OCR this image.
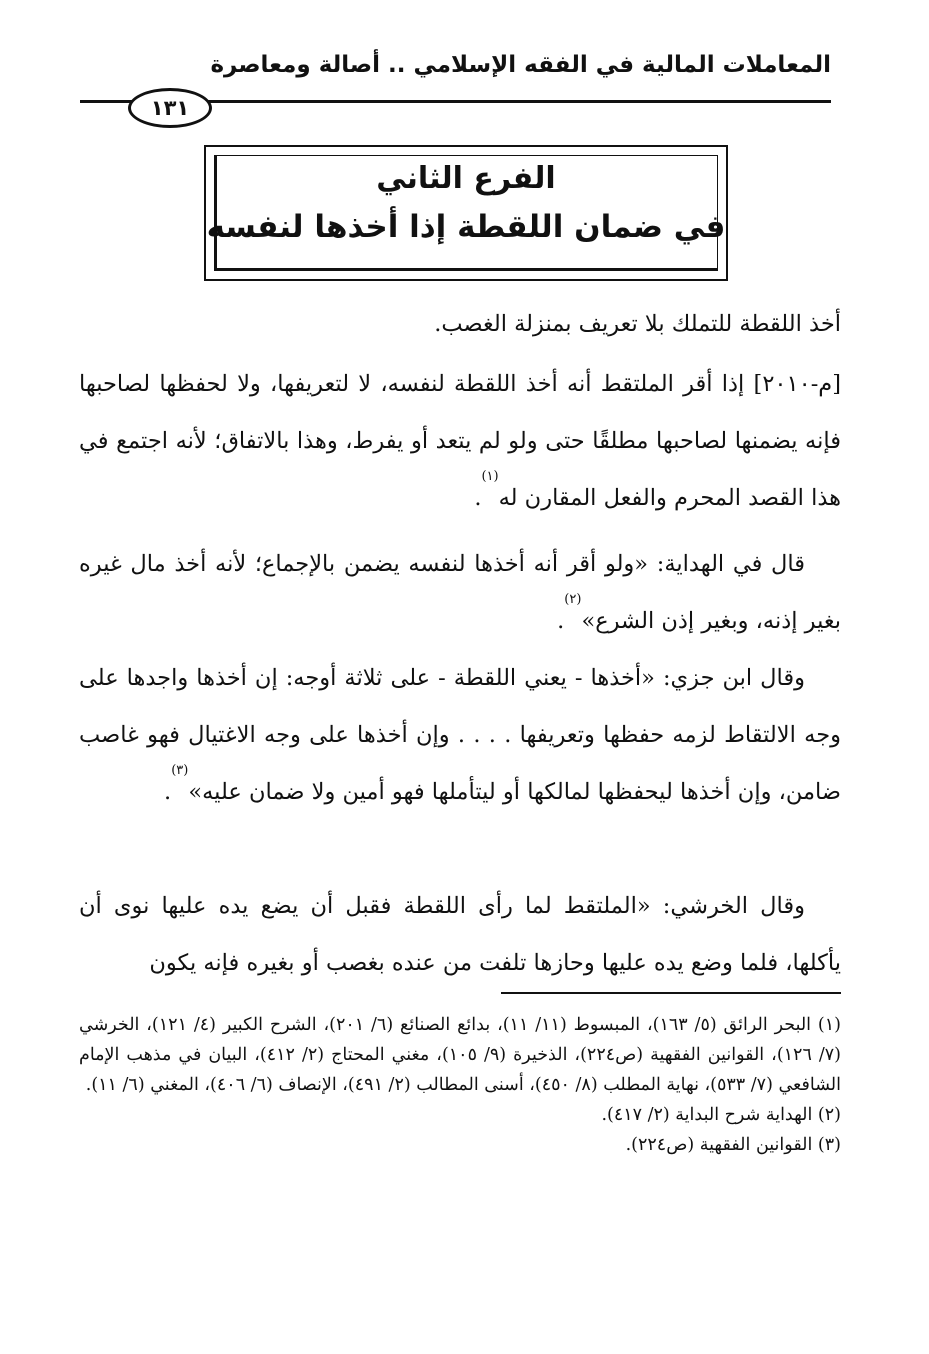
المعاملات المالية في الفقه الإسلامي .. أصالة ومعاصرة
١٣١
الفرع الثاني
في ضمان اللقطة إذا أخذها لنفسه
أخذ اللقطة للتملك بلا تعريف بمنزلة الغصب.
[م-٢٠١٠] إذا أقر الملتقط أنه أخذ اللقطة لنفسه، لا لتعريفها، ولا لحفظها لصاحبها فإنه يضمنها لصاحبها مطلقًا حتى ولو لم يتعد أو يفرط، وهذا بالاتفاق؛ لأنه اجتمع في هذا القصد المحرم والفعل المقارن له$^{(١)}$.
قال في الهداية: «ولو أقر أنه أخذها لنفسه يضمن بالإجماع؛ لأنه أخذ مال غيره بغير إذنه، وبغير إذن الشرع»$^{(٢)}$.
وقال ابن جزي: «أخذها - يعني اللقطة - على ثلاثة أوجه: إن أخذها واجدها على وجه الالتقاط لزمه حفظها وتعريفها . . . . وإن أخذها على وجه الاغتيال فهو غاصب ضامن، وإن أخذها ليحفظها لمالكها أو ليتأملها فهو أمين ولا ضمان عليه»$^{(٣)}$.
وقال الخرشي: «الملتقط لما رأى اللقطة فقبل أن يضع يده عليها نوى أن يأكلها، فلما وضع يده عليها وحازها تلفت من عنده بغصب أو بغيره فإنه يكون

(١) البحر الرائق (٥/ ١٦٣)، المبسوط (١١/ ١١)، بدائع الصنائع (٦/ ٢٠١)، الشرح الكبير (٤/ ١٢١)، الخرشي (٧/ ١٢٦)، القوانين الفقهية (ص٢٢٤)، الذخيرة (٩/ ١٠٥)، مغني المحتاج (٢/ ٤١٢)، البيان في مذهب الإمام الشافعي (٧/ ٥٣٣)، نهاية المطلب (٨/ ٤٥٠)، أسنى المطالب (٢/ ٤٩١)، الإنصاف (٦/ ٤٠٦)، المغني (٦/ ١١).

(٢) الهداية شرح البداية (٢/ ٤١٧).

(٣) القوانين الفقهية (ص٢٢٤).
